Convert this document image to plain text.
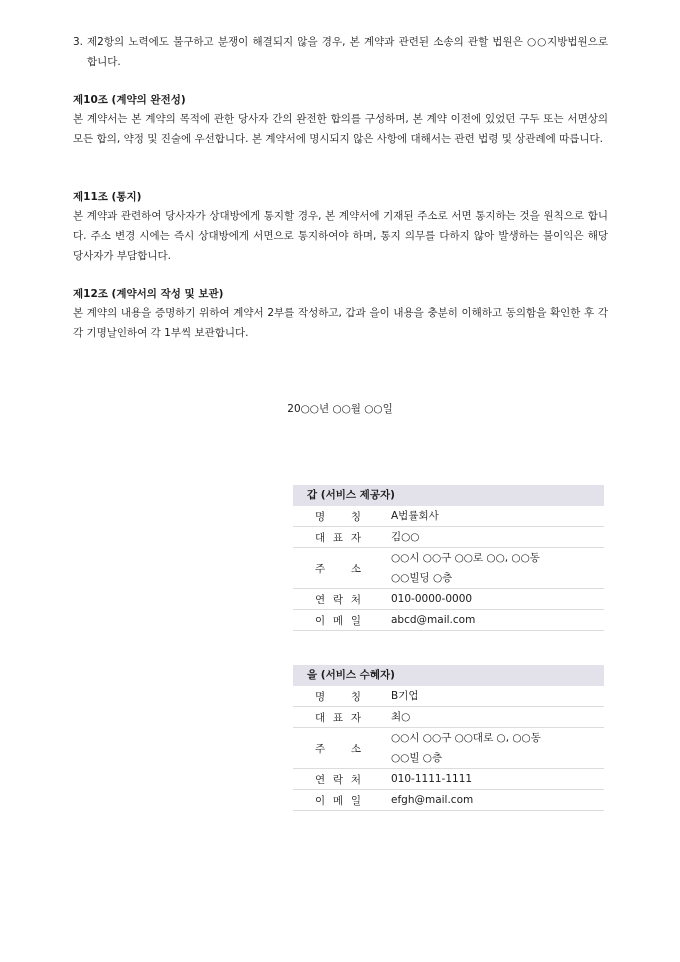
3. 제2항의 노력에도 불구하고 분쟁이 해결되지 않을 경우, 본 계약과 관련된 소송의 관할 법원은 ○○지방법원으로 합니다.
제10조 (계약의 완전성)
본 계약서는 본 계약의 목적에 관한 당사자 간의 완전한 합의를 구성하며, 본 계약 이전에 있었던 구두 또는 서면상의 모든 합의, 약정 및 진술에 우선합니다. 본 계약서에 명시되지 않은 사항에 대해서는 관련 법령 및 상관례에 따릅니다.
제11조 (통지)
본 계약과 관련하여 당사자가 상대방에게 통지할 경우, 본 계약서에 기재된 주소로 서면 통지하는 것을 원칙으로 합니다. 주소 변경 시에는 즉시 상대방에게 서면으로 통지하여야 하며, 통지 의무를 다하지 않아 발생하는 불이익은 해당 당사자가 부담합니다.
제12조 (계약서의 작성 및 보관)
본 계약의 내용을 증명하기 위하여 계약서 2부를 작성하고, 갑과 을이 내용을 충분히 이해하고 동의함을 확인한 후 각각 기명날인하여 각 1부씩 보관합니다.
20○○년 ○○월 ○○일
갑 (서비스 제공자)
명 칭	A법률회사
대 표 자	김○○
주 소
○○시 ○○구 ○○로 ○○, ○○동
○○빌딩 ○층
연 락 처	010-0000-0000
이 메 일	abcd@mail.com
을 (서비스 수혜자)
명 칭	B기업
대 표 자	최○
주 소
○○시 ○○구 ○○대로 ○, ○○동
○○빌 ○층
연 락 처	010-1111-1111
이 메 일	efgh@mail.com
